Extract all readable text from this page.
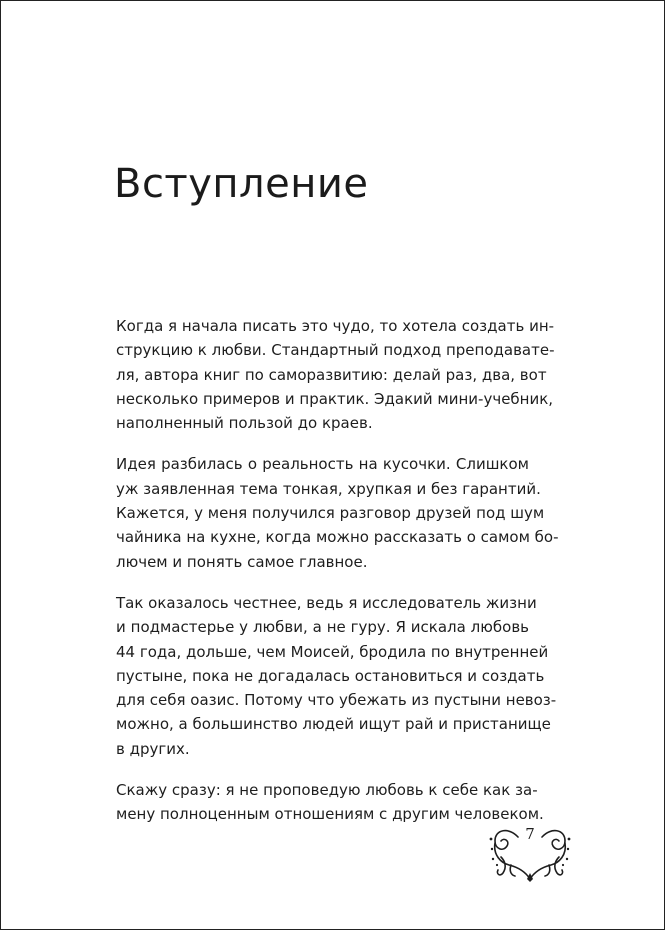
Вступление

Когда я начала писать это чудо, то хотела создать ин-
струкцию к любви. Стандартный подход преподавате-
ля, автора книг по саморазвитию: делай раз, два, вот
несколько примеров и практик. Эдакий мини-учебник,
наполненный пользой до краев.

Идея разбилась о реальность на кусочки. Слишком
уж заявленная тема тонкая, хрупкая и без гарантий.
Кажется, у меня получился разговор друзей под шум
чайника на кухне, когда можно рассказать о самом бо-
лючем и понять самое главное.

Так оказалось честнее, ведь я исследователь жизни
и подмастерье у любви, а не гуру. Я искала любовь
44 года, дольше, чем Моисей, бродила по внутренней
пустыне, пока не догадалась остановиться и создать
для себя оазис. Потому что убежать из пустыни невоз-
можно, а большинство людей ищут рай и пристанище
в других.

Скажу сразу: я не проповедую любовь к себе как за-
мену полноценным отношениям с другим человеком.

7
